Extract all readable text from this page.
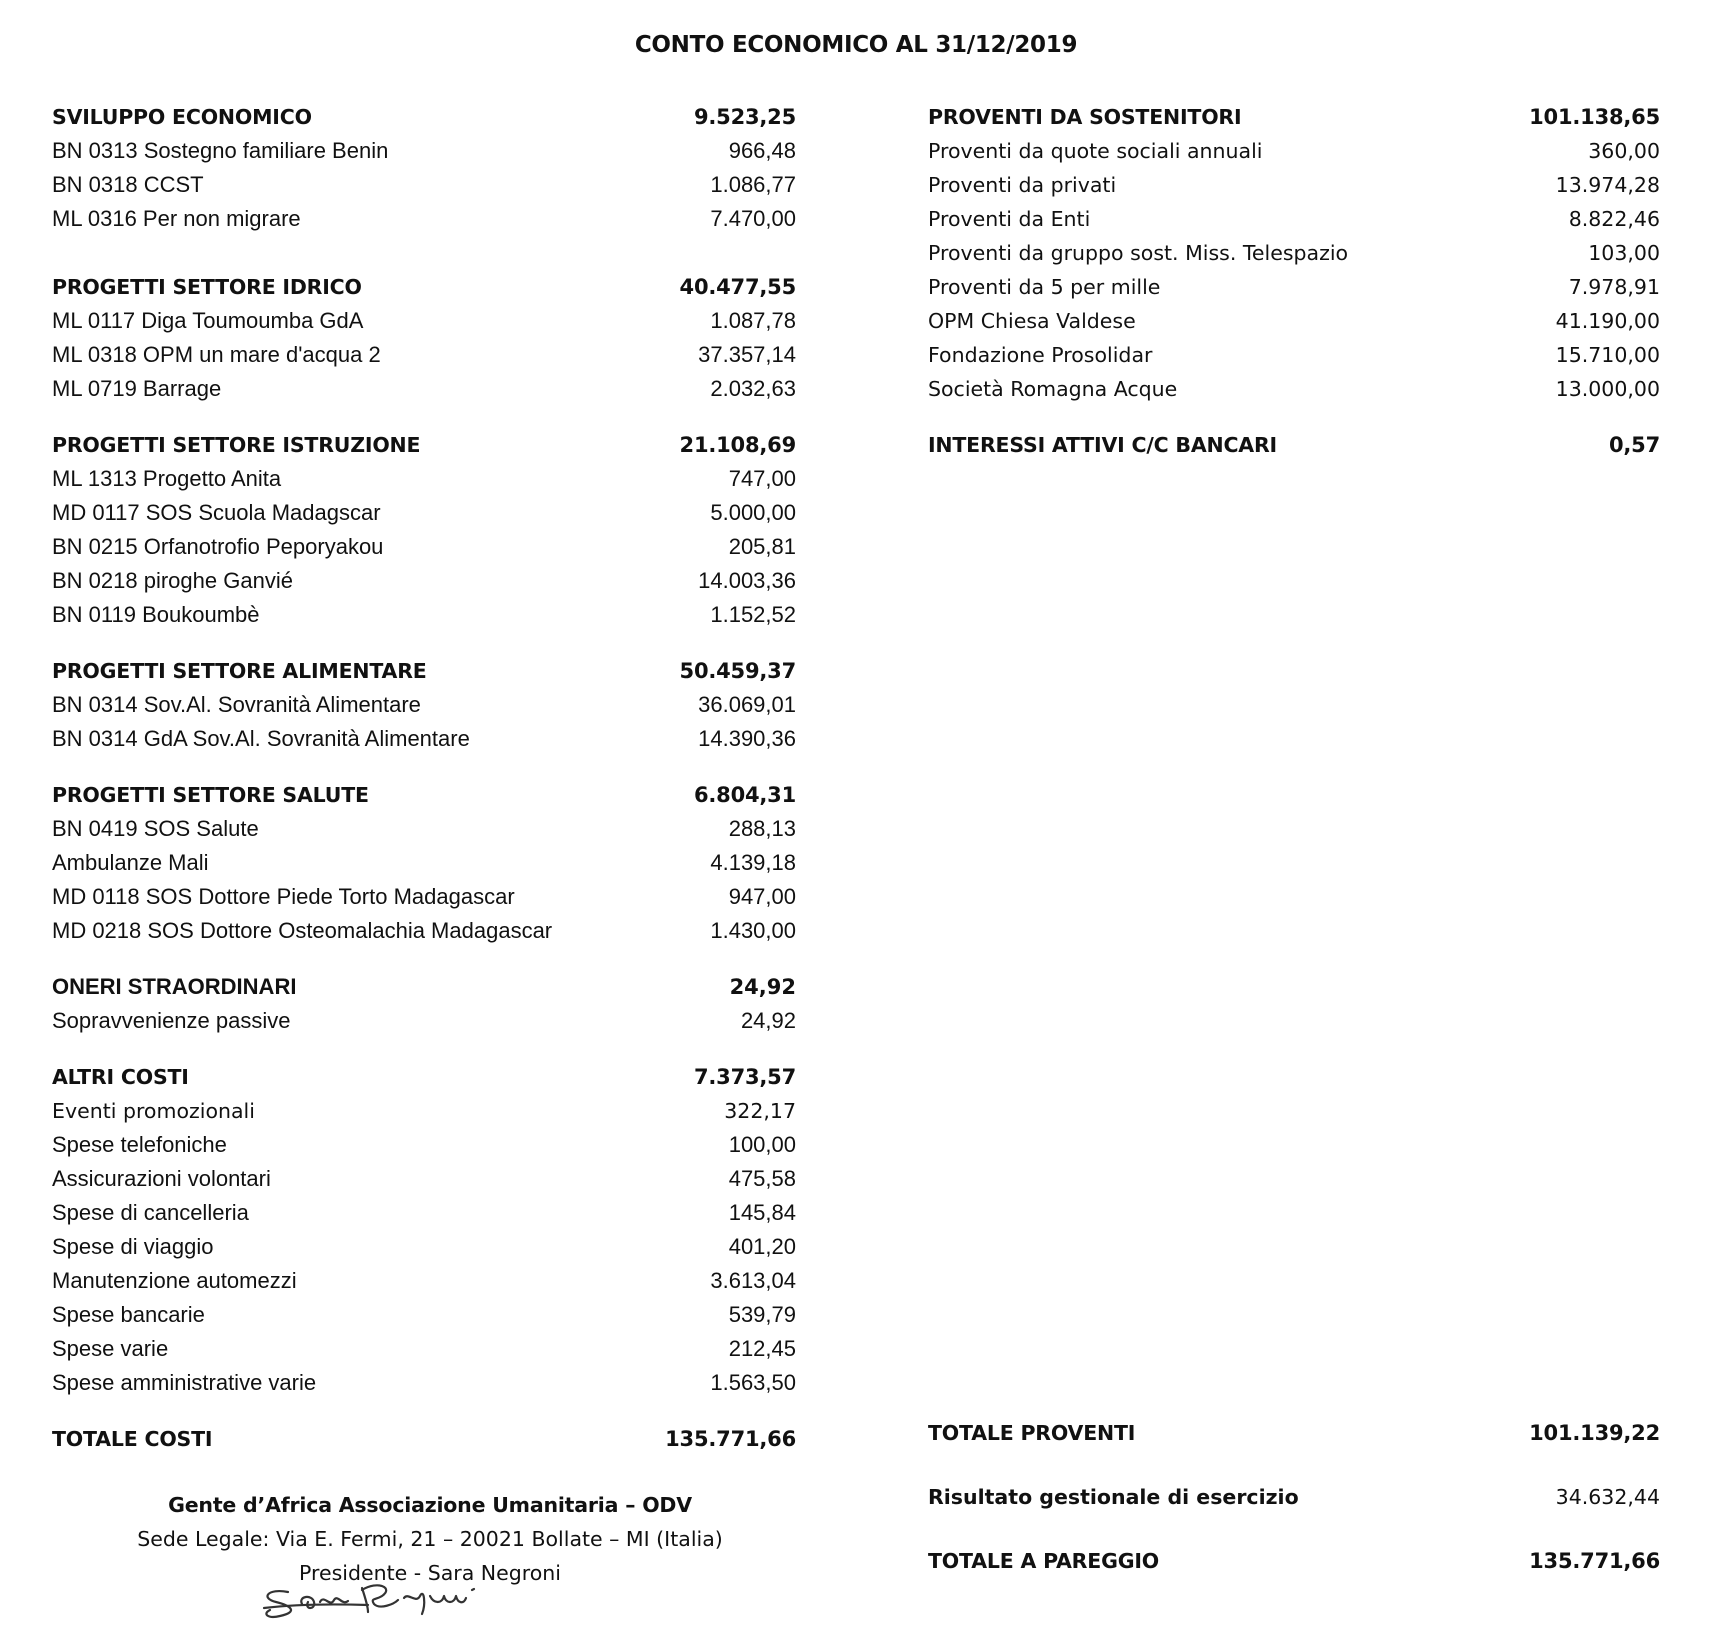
CONTO ECONOMICO AL 31/12/2019
SVILUPPO ECONOMICO	9.523,25
BN 0313 Sostegno familiare Benin	966,48
BN 0318 CCST	1.086,77
ML 0316 Per non migrare	7.470,00
PROGETTI SETTORE IDRICO	40.477,55
ML 0117 Diga Toumoumba GdA	1.087,78
ML 0318 OPM un mare d'acqua 2	37.357,14
ML 0719 Barrage	2.032,63
PROGETTI SETTORE ISTRUZIONE	21.108,69
ML 1313 Progetto Anita	747,00
MD 0117 SOS Scuola Madagscar	5.000,00
BN 0215 Orfanotrofio Peporyakou	205,81
BN 0218 piroghe Ganvié	14.003,36
BN 0119 Boukoumbè	1.152,52
PROGETTI SETTORE ALIMENTARE	50.459,37
BN 0314 Sov.Al. Sovranità Alimentare	36.069,01
BN 0314 GdA Sov.Al. Sovranità Alimentare	14.390,36
PROGETTI SETTORE SALUTE	6.804,31
BN 0419 SOS Salute	288,13
Ambulanze Mali	4.139,18
MD 0118 SOS Dottore Piede Torto Madagascar	947,00
MD 0218 SOS Dottore Osteomalachia Madagascar	1.430,00
ONERI STRAORDINARI	24,92
Sopravvenienze passive	24,92
ALTRI COSTI	7.373,57
Eventi promozionali	322,17
Spese telefoniche	100,00
Assicurazioni volontari	475,58
Spese di cancelleria	145,84
Spese di viaggio	401,20
Manutenzione automezzi	3.613,04
Spese bancarie	539,79
Spese varie	212,45
Spese amministrative varie	1.563,50
TOTALE COSTI	135.771,66
PROVENTI DA SOSTENITORI	101.138,65
Proventi da quote sociali annuali	360,00
Proventi da privati	13.974,28
Proventi da Enti	8.822,46
Proventi da gruppo sost. Miss. Telespazio	103,00
Proventi da 5 per mille	7.978,91
OPM Chiesa Valdese	41.190,00
Fondazione Prosolidar	15.710,00
Società Romagna Acque	13.000,00
INTERESSI ATTIVI C/C BANCARI	0,57
TOTALE PROVENTI	101.139,22
Risultato gestionale di esercizio	34.632,44
TOTALE A PAREGGIO	135.771,66
Gente d’Africa Associazione Umanitaria – ODV
Sede Legale: Via E. Fermi, 21 – 20021 Bollate – MI (Italia)
Presidente - Sara Negroni
